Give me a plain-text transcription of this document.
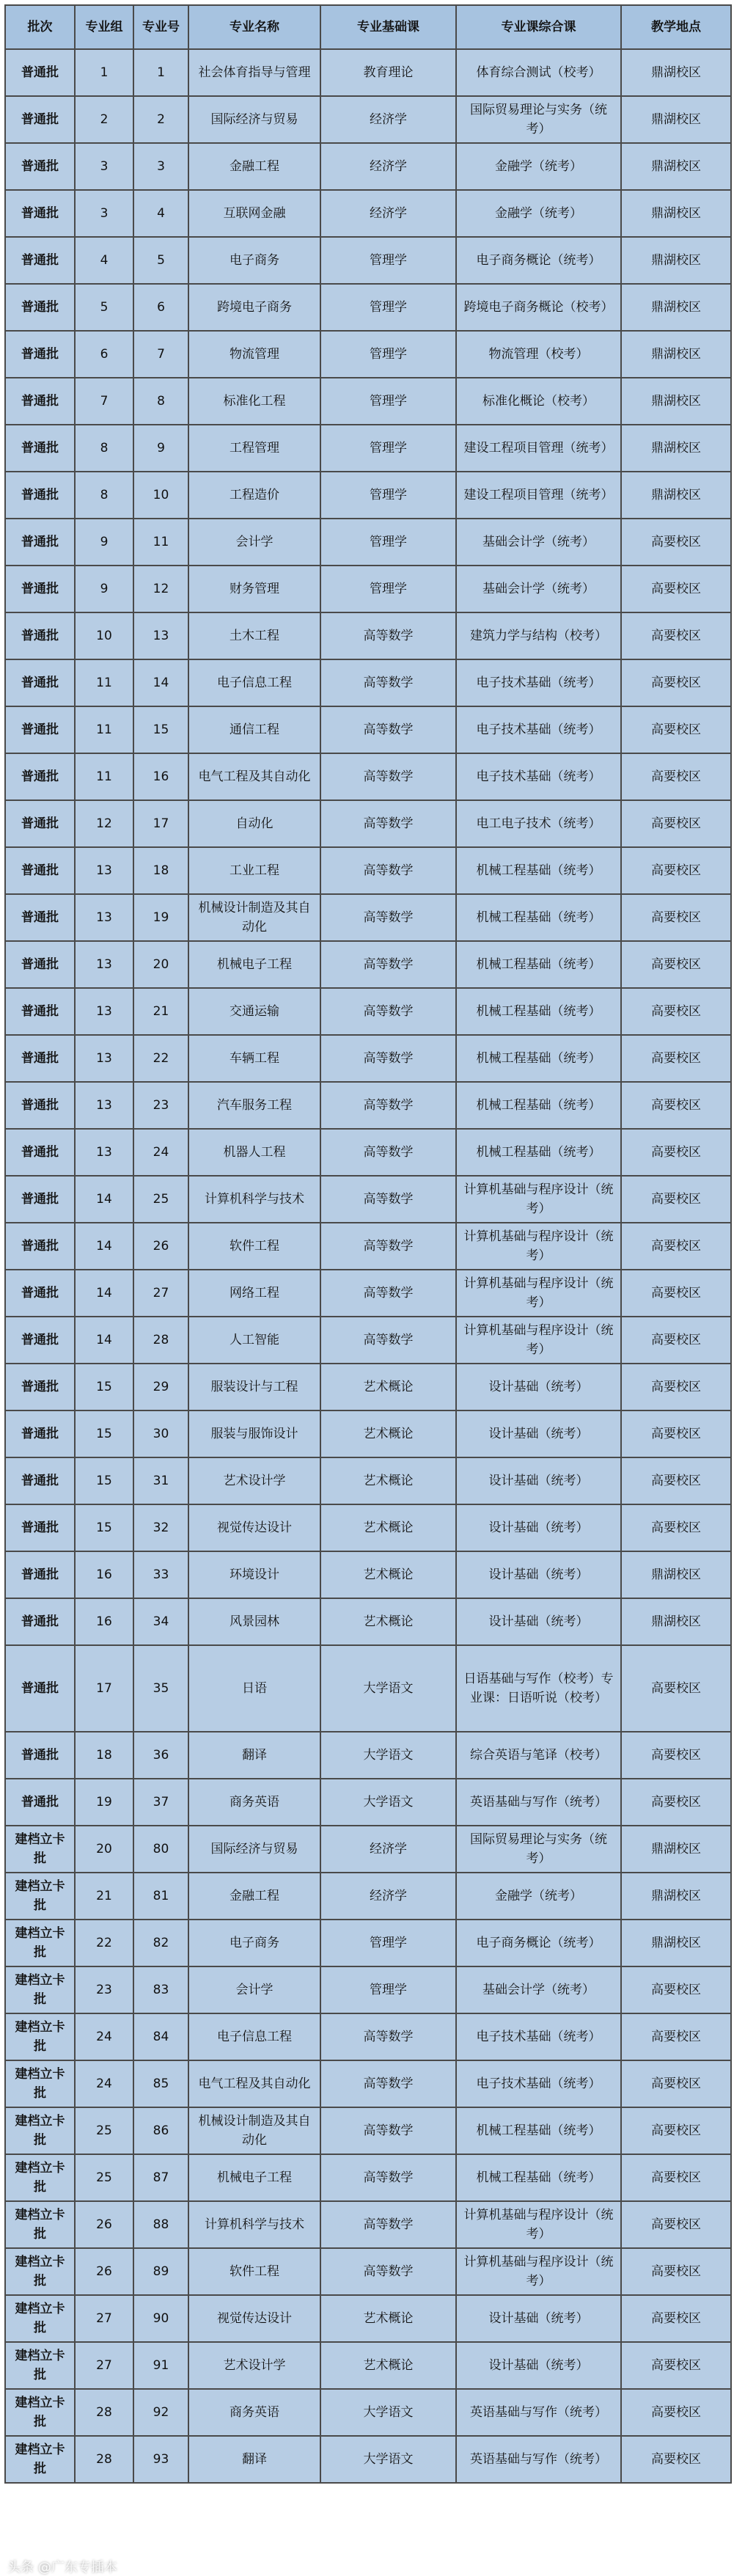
批次	专业组	专业号	专业名称	专业基础课	专业课综合课	教学地点
普通批	1	1	社会体育指导与管理	教育理论	体育综合测试（校考）	鼎湖校区
普通批	2	2	国际经济与贸易	经济学	国际贸易理论与实务（统考）	鼎湖校区
普通批	3	3	金融工程	经济学	金融学（统考）	鼎湖校区
普通批	3	4	互联网金融	经济学	金融学（统考）	鼎湖校区
普通批	4	5	电子商务	管理学	电子商务概论（统考）	鼎湖校区
普通批	5	6	跨境电子商务	管理学	跨境电子商务概论（校考）	鼎湖校区
普通批	6	7	物流管理	管理学	物流管理（校考）	鼎湖校区
普通批	7	8	标准化工程	管理学	标准化概论（校考）	鼎湖校区
普通批	8	9	工程管理	管理学	建设工程项目管理（统考）	鼎湖校区
普通批	8	10	工程造价	管理学	建设工程项目管理（统考）	鼎湖校区
普通批	9	11	会计学	管理学	基础会计学（统考）	高要校区
普通批	9	12	财务管理	管理学	基础会计学（统考）	高要校区
普通批	10	13	土木工程	高等数学	建筑力学与结构（校考）	高要校区
普通批	11	14	电子信息工程	高等数学	电子技术基础（统考）	高要校区
普通批	11	15	通信工程	高等数学	电子技术基础（统考）	高要校区
普通批	11	16	电气工程及其自动化	高等数学	电子技术基础（统考）	高要校区
普通批	12	17	自动化	高等数学	电工电子技术（统考）	高要校区
普通批	13	18	工业工程	高等数学	机械工程基础（统考）	高要校区
普通批	13	19	机械设计制造及其自动化	高等数学	机械工程基础（统考）	高要校区
普通批	13	20	机械电子工程	高等数学	机械工程基础（统考）	高要校区
普通批	13	21	交通运输	高等数学	机械工程基础（统考）	高要校区
普通批	13	22	车辆工程	高等数学	机械工程基础（统考）	高要校区
普通批	13	23	汽车服务工程	高等数学	机械工程基础（统考）	高要校区
普通批	13	24	机器人工程	高等数学	机械工程基础（统考）	高要校区
普通批	14	25	计算机科学与技术	高等数学	计算机基础与程序设计（统考）	高要校区
普通批	14	26	软件工程	高等数学	计算机基础与程序设计（统考）	高要校区
普通批	14	27	网络工程	高等数学	计算机基础与程序设计（统考）	高要校区
普通批	14	28	人工智能	高等数学	计算机基础与程序设计（统考）	高要校区
普通批	15	29	服装设计与工程	艺术概论	设计基础（统考）	高要校区
普通批	15	30	服装与服饰设计	艺术概论	设计基础（统考）	高要校区
普通批	15	31	艺术设计学	艺术概论	设计基础（统考）	高要校区
普通批	15	32	视觉传达设计	艺术概论	设计基础（统考）	高要校区
普通批	16	33	环境设计	艺术概论	设计基础（统考）	鼎湖校区
普通批	16	34	风景园林	艺术概论	设计基础（统考）	鼎湖校区
普通批	17	35	日语	大学语文	日语基础与写作（校考）专业课：日语听说（校考）	高要校区
普通批	18	36	翻译	大学语文	综合英语与笔译（校考）	高要校区
普通批	19	37	商务英语	大学语文	英语基础与写作（统考）	高要校区
建档立卡批	20	80	国际经济与贸易	经济学	国际贸易理论与实务（统考）	鼎湖校区
建档立卡批	21	81	金融工程	经济学	金融学（统考）	鼎湖校区
建档立卡批	22	82	电子商务	管理学	电子商务概论（统考）	鼎湖校区
建档立卡批	23	83	会计学	管理学	基础会计学（统考）	高要校区
建档立卡批	24	84	电子信息工程	高等数学	电子技术基础（统考）	高要校区
建档立卡批	24	85	电气工程及其自动化	高等数学	电子技术基础（统考）	高要校区
建档立卡批	25	86	机械设计制造及其自动化	高等数学	机械工程基础（统考）	高要校区
建档立卡批	25	87	机械电子工程	高等数学	机械工程基础（统考）	高要校区
建档立卡批	26	88	计算机科学与技术	高等数学	计算机基础与程序设计（统考）	高要校区
建档立卡批	26	89	软件工程	高等数学	计算机基础与程序设计（统考）	高要校区
建档立卡批	27	90	视觉传达设计	艺术概论	设计基础（统考）	高要校区
建档立卡批	27	91	艺术设计学	艺术概论	设计基础（统考）	高要校区
建档立卡批	28	92	商务英语	大学语文	英语基础与写作（统考）	高要校区
建档立卡批	28	93	翻译	大学语文	英语基础与写作（统考）	高要校区
头条 @广东专插本
